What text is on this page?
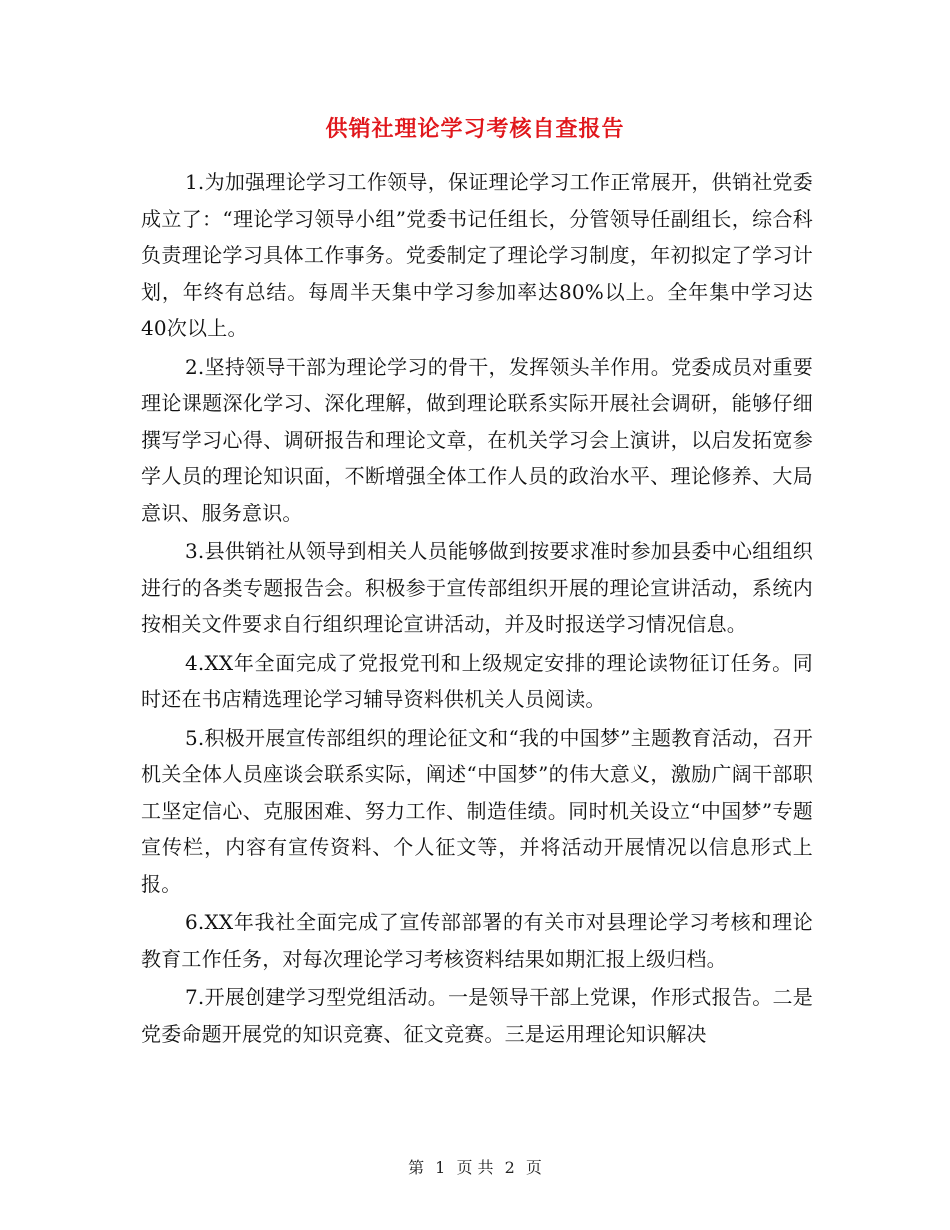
供销社理论学习考核自查报告

1.为加强理论学习工作领导，保证理论学习工作正常展开，供销社党委成立了：“理论学习领导小组”党委书记任组长，分管领导任副组长，综合科负责理论学习具体工作事务。党委制定了理论学习制度，年初拟定了学习计划，年终有总结。每周半天集中学习参加率达80%以上。全年集中学习达40次以上。

2.坚持领导干部为理论学习的骨干，发挥领头羊作用。党委成员对重要理论课题深化学习、深化理解，做到理论联系实际开展社会调研，能够仔细撰写学习心得、调研报告和理论文章，在机关学习会上演讲，以启发拓宽参学人员的理论知识面，不断增强全体工作人员的政治水平、理论修养、大局意识、服务意识。

3.县供销社从领导到相关人员能够做到按要求准时参加县委中心组组织进行的各类专题报告会。积极参于宣传部组织开展的理论宣讲活动，系统内按相关文件要求自行组织理论宣讲活动，并及时报送学习情况信息。

4.XX年全面完成了党报党刊和上级规定安排的理论读物征订任务。同时还在书店精选理论学习辅导资料供机关人员阅读。

5.积极开展宣传部组织的理论征文和“我的中国梦”主题教育活动，召开机关全体人员座谈会联系实际，阐述“中国梦”的伟大意义，激励广阔干部职工坚定信心、克服困难、努力工作、制造佳绩。同时机关设立“中国梦”专题宣传栏，内容有宣传资料、个人征文等，并将活动开展情况以信息形式上报。

6.XX年我社全面完成了宣传部部署的有关市对县理论学习考核和理论教育工作任务，对每次理论学习考核资料结果如期汇报上级归档。

7.开展创建学习型党组活动。一是领导干部上党课，作形式报告。二是党委命题开展党的知识竞赛、征文竞赛。三是运用理论知识解决

第 1 页 共 2 页
